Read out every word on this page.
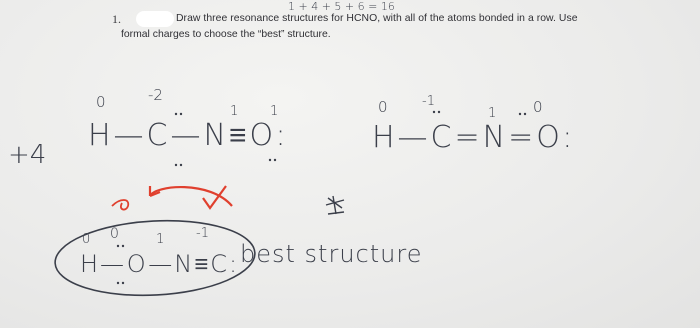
1.	Draw three resonance structures for HCNO, with all of the atoms bonded in a row. Use
formal charges to choose the “best” structure.
1 + 4 + 5 + 6 = 16
+4
0	-2
1 1
H—C—N≡O:
0	-1
1 0
H—C=N=O:
0 0	1 -1
H—O—N≡C: best structure
